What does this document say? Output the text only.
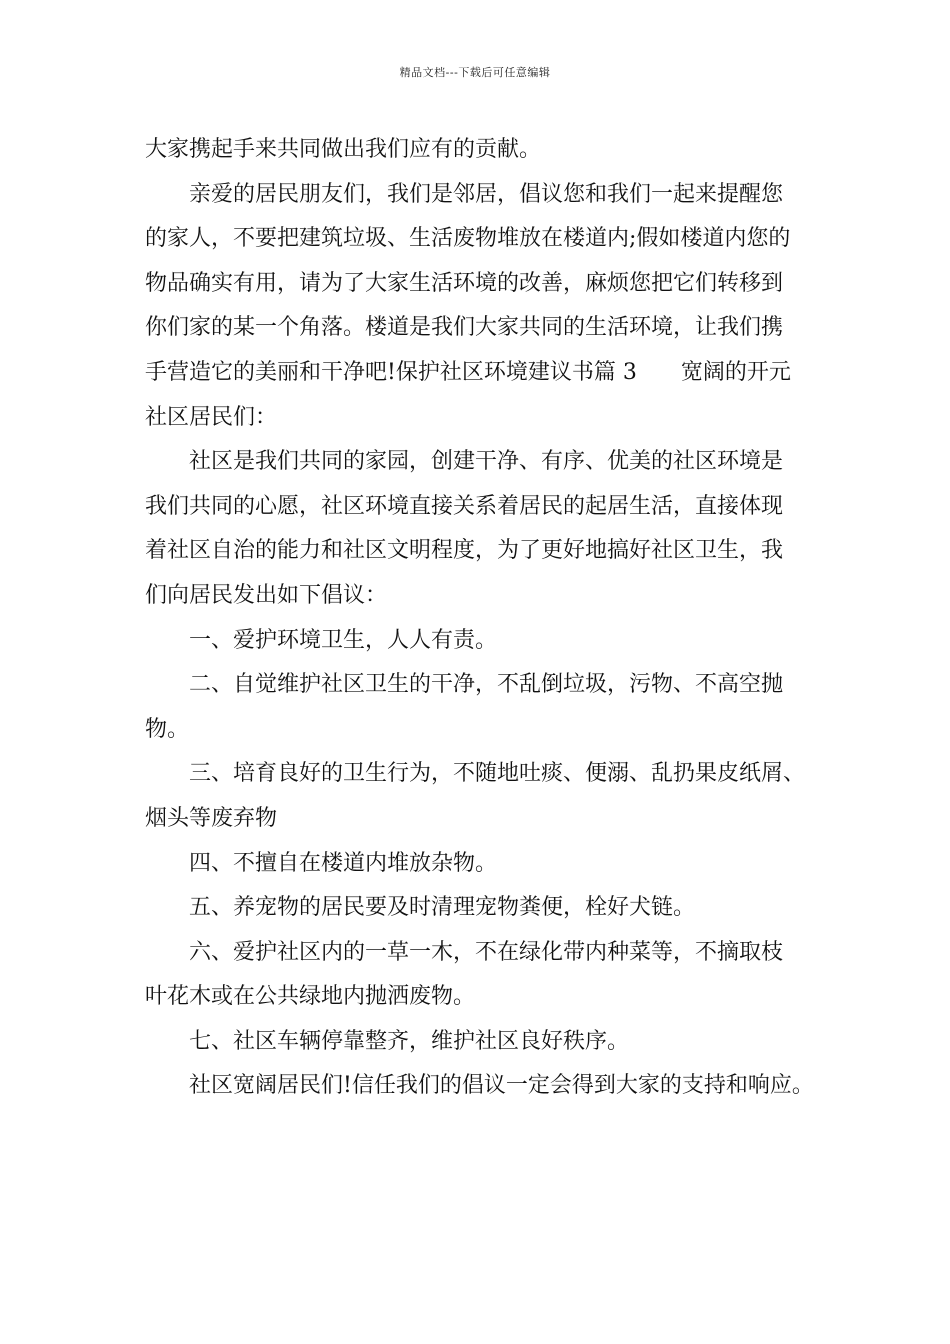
精品文档---下载后可任意编辑
大家携起手来共同做出我们应有的贡献。
亲爱的居民朋友们，我们是邻居，倡议您和我们一起来提醒您
的家人，不要把建筑垃圾、生活废物堆放在楼道内;假如楼道内您的
物品确实有用，请为了大家生活环境的改善，麻烦您把它们转移到
你们家的某一个角落。楼道是我们大家共同的生活环境，让我们携
手营造它的美丽和干净吧!保护社区环境建议书篇 3　　宽阔的开元
社区居民们：
社区是我们共同的家园，创建干净、有序、优美的社区环境是
我们共同的心愿，社区环境直接关系着居民的起居生活，直接体现
着社区自治的能力和社区文明程度，为了更好地搞好社区卫生，我
们向居民发出如下倡议：
一、爱护环境卫生，人人有责。
二、自觉维护社区卫生的干净，不乱倒垃圾，污物、不高空抛
物。
三、培育良好的卫生行为，不随地吐痰、便溺、乱扔果皮纸屑、
烟头等废弃物
四、不擅自在楼道内堆放杂物。
五、养宠物的居民要及时清理宠物粪便，栓好犬链。
六、爱护社区内的一草一木，不在绿化带内种菜等，不摘取枝
叶花木或在公共绿地内抛洒废物。
七、社区车辆停靠整齐，维护社区良好秩序。
社区宽阔居民们!信任我们的倡议一定会得到大家的支持和响应。
